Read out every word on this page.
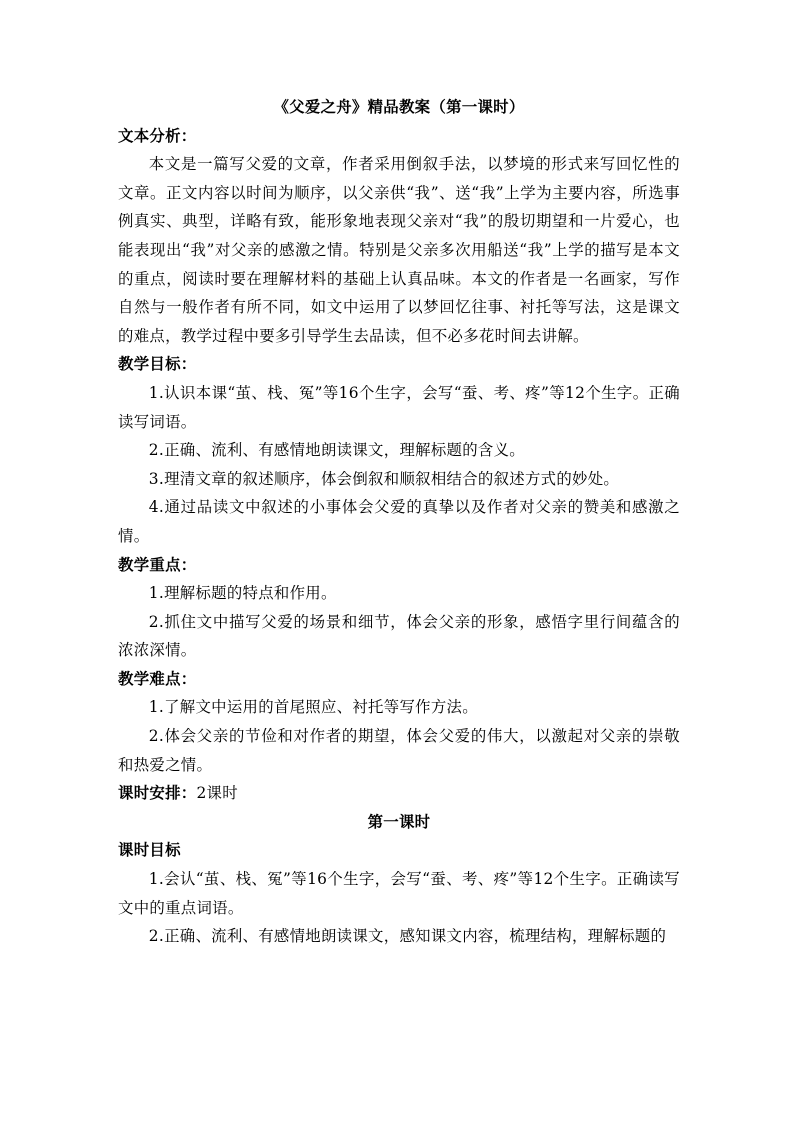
《父爱之舟》精品教案（第一课时）

文本分析：

本文是一篇写父爱的文章，作者采用倒叙手法，以梦境的形式来写回忆性的文章。正文内容以时间为顺序，以父亲供“我”、送“我”上学为主要内容，所选事例真实、典型，详略有致，能形象地表现父亲对“我”的殷切期望和一片爱心，也能表现出“我”对父亲的感激之情。特别是父亲多次用船送“我”上学的描写是本文的重点，阅读时要在理解材料的基础上认真品味。本文的作者是一名画家，写作自然与一般作者有所不同，如文中运用了以梦回忆往事、衬托等写法，这是课文的难点，教学过程中要多引导学生去品读，但不必多花时间去讲解。

教学目标：

1.认识本课“茧、栈、冤”等16个生字，会写“蚕、考、疼”等12个生字。正确读写词语。

2.正确、流利、有感情地朗读课文，理解标题的含义。

3.理清文章的叙述顺序，体会倒叙和顺叙相结合的叙述方式的妙处。

4.通过品读文中叙述的小事体会父爱的真挚以及作者对父亲的赞美和感激之情。

教学重点：

1.理解标题的特点和作用。

2.抓住文中描写父爱的场景和细节，体会父亲的形象，感悟字里行间蕴含的浓浓深情。

教学难点：

1.了解文中运用的首尾照应、衬托等写作方法。

2.体会父亲的节俭和对作者的期望，体会父爱的伟大，以激起对父亲的崇敬和热爱之情。

课时安排：2课时

第一课时

课时目标

1.会认“茧、栈、冤”等16个生字，会写“蚕、考、疼”等12个生字。正确读写文中的重点词语。

2.正确、流利、有感情地朗读课文，感知课文内容，梳理结构，理解标题的
